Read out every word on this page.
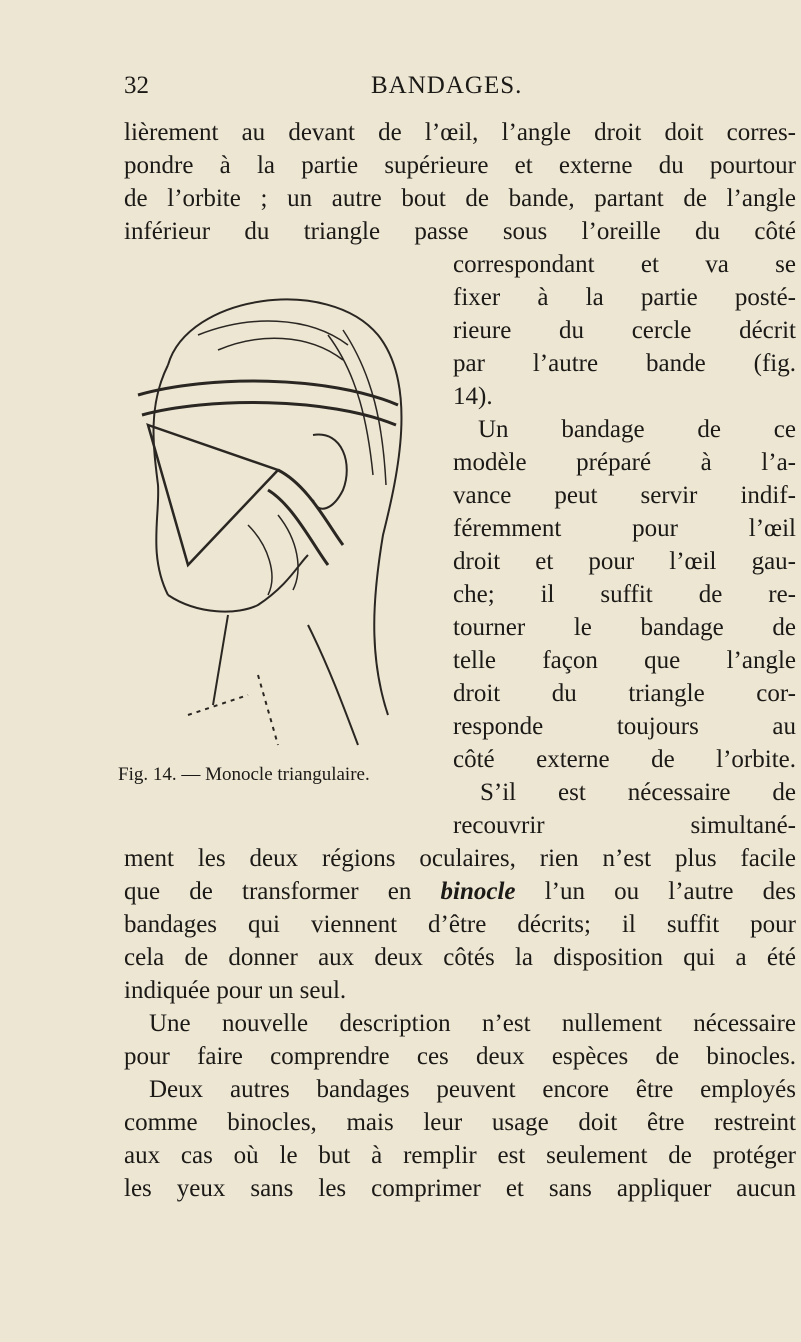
32	BANDAGES.
lièrement au devant de l’œil, l’angle droit doit corres-
pondre à la partie supérieure et externe du pourtour
de l’orbite ; un autre bout de bande, partant de l’angle
inférieur du triangle passe sous l’oreille du côté
correspondant et va se
fixer à la partie posté-
rieure du cercle décrit
par l’autre bande (fig.
14).
Un bandage de ce
modèle préparé à l’a-
vance peut servir indif-
féremment pour l’œil
droit et pour l’œil gau-
che; il suffit de re-
tourner le bandage de
telle façon que l’angle
droit du triangle cor-
responde toujours au
côté externe de l’orbite.
S’il est nécessaire de
recouvrir simultané-
Fig. 14. — Monocle triangulaire.
ment les deux régions oculaires, rien n’est plus facile
que de transformer en binocle l’un ou l’autre des
bandages qui viennent d’être décrits; il suffit pour
cela de donner aux deux côtés la disposition qui a été
indiquée pour un seul.
Une nouvelle description n’est nullement nécessaire
pour faire comprendre ces deux espèces de binocles.
Deux autres bandages peuvent encore être employés
comme binocles, mais leur usage doit être restreint
aux cas où le but à remplir est seulement de protéger
les yeux sans les comprimer et sans appliquer aucun
